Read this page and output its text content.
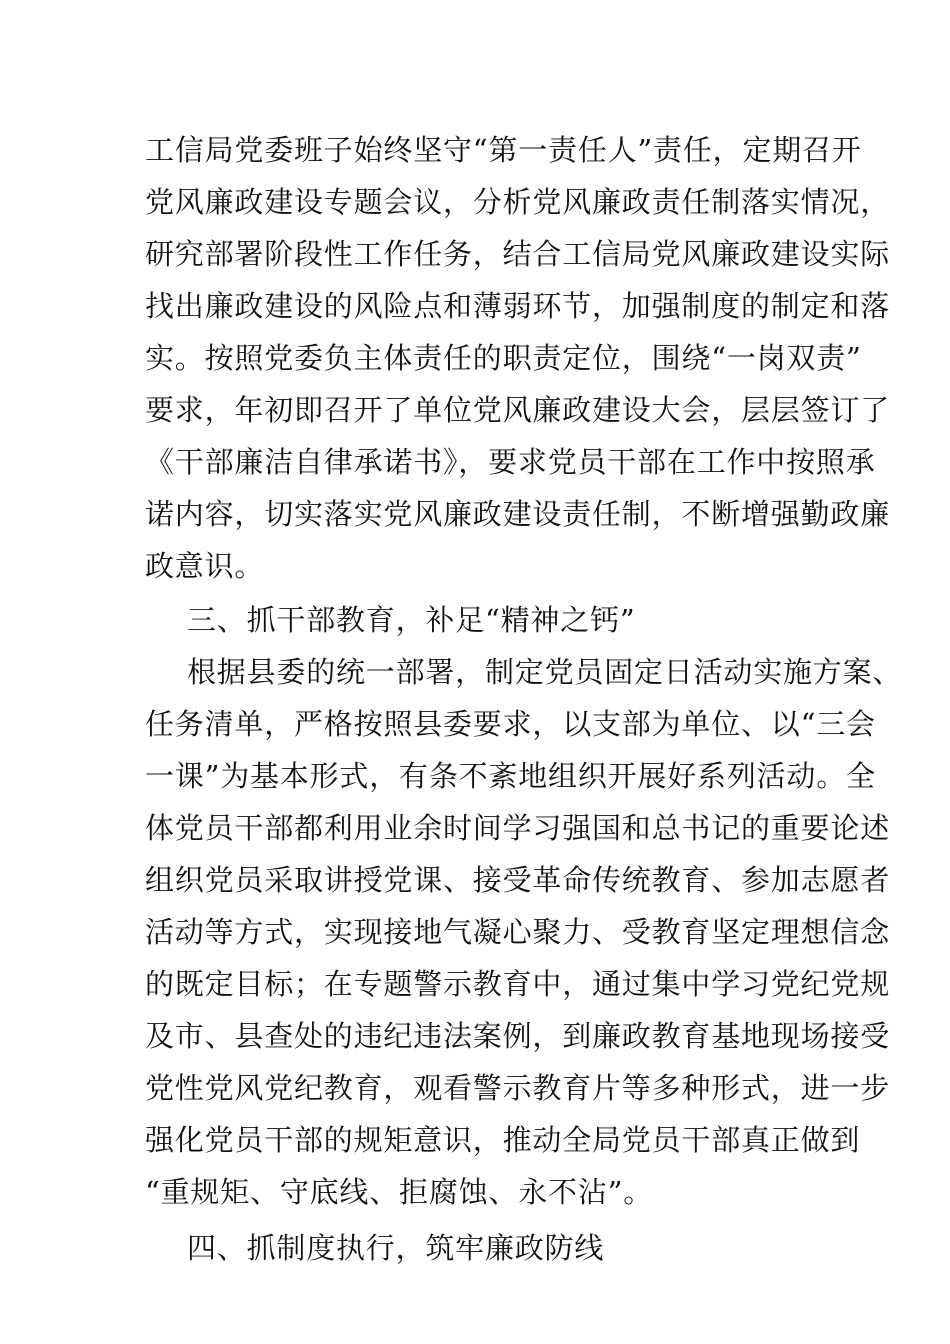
工信局党委班子始终坚守“第一责任人”责任，定期召开
党风廉政建设专题会议，分析党风廉政责任制落实情况，
研究部署阶段性工作任务，结合工信局党风廉政建设实际
找出廉政建设的风险点和薄弱环节，加强制度的制定和落
实。按照党委负主体责任的职责定位，围绕“一岗双责”
要求，年初即召开了单位党风廉政建设大会，层层签订了
《干部廉洁自律承诺书》，要求党员干部在工作中按照承
诺内容，切实落实党风廉政建设责任制，不断增强勤政廉
政意识。
三、抓干部教育，补足“精神之钙”
根据县委的统一部署，制定党员固定日活动实施方案、
任务清单，严格按照县委要求，以支部为单位、以“三会
一课”为基本形式，有条不紊地组织开展好系列活动。全
体党员干部都利用业余时间学习强国和总书记的重要论述
组织党员采取讲授党课、接受革命传统教育、参加志愿者
活动等方式，实现接地气凝心聚力、受教育坚定理想信念
的既定目标；在专题警示教育中，通过集中学习党纪党规
及市、县查处的违纪违法案例，到廉政教育基地现场接受
党性党风党纪教育，观看警示教育片等多种形式，进一步
强化党员干部的规矩意识，推动全局党员干部真正做到
“重规矩、守底线、拒腐蚀、永不沾”。
四、抓制度执行，筑牢廉政防线
